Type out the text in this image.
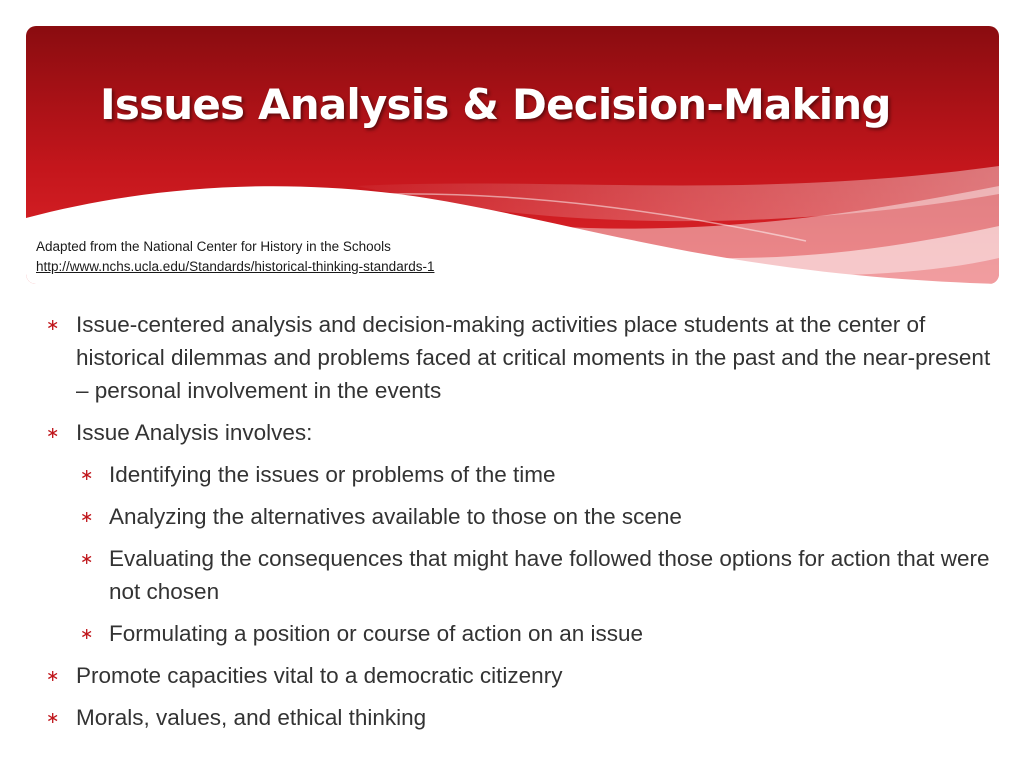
Issues Analysis & Decision-Making
Adapted from the National Center for History in the Schools
http://www.nchs.ucla.edu/Standards/historical-thinking-standards-1
∗ Issue-centered analysis and decision-making activities place students at the center of historical dilemmas and problems faced at critical moments in the past and the near-present – personal involvement in the events
∗ Issue Analysis involves:
∗ Identifying the issues or problems of the time
∗ Analyzing the alternatives available to those on the scene
∗ Evaluating the consequences that might have followed those options for action that were not chosen
∗ Formulating a position or course of action on an issue
∗ Promote capacities vital to a democratic citizenry
∗ Morals, values, and ethical thinking
